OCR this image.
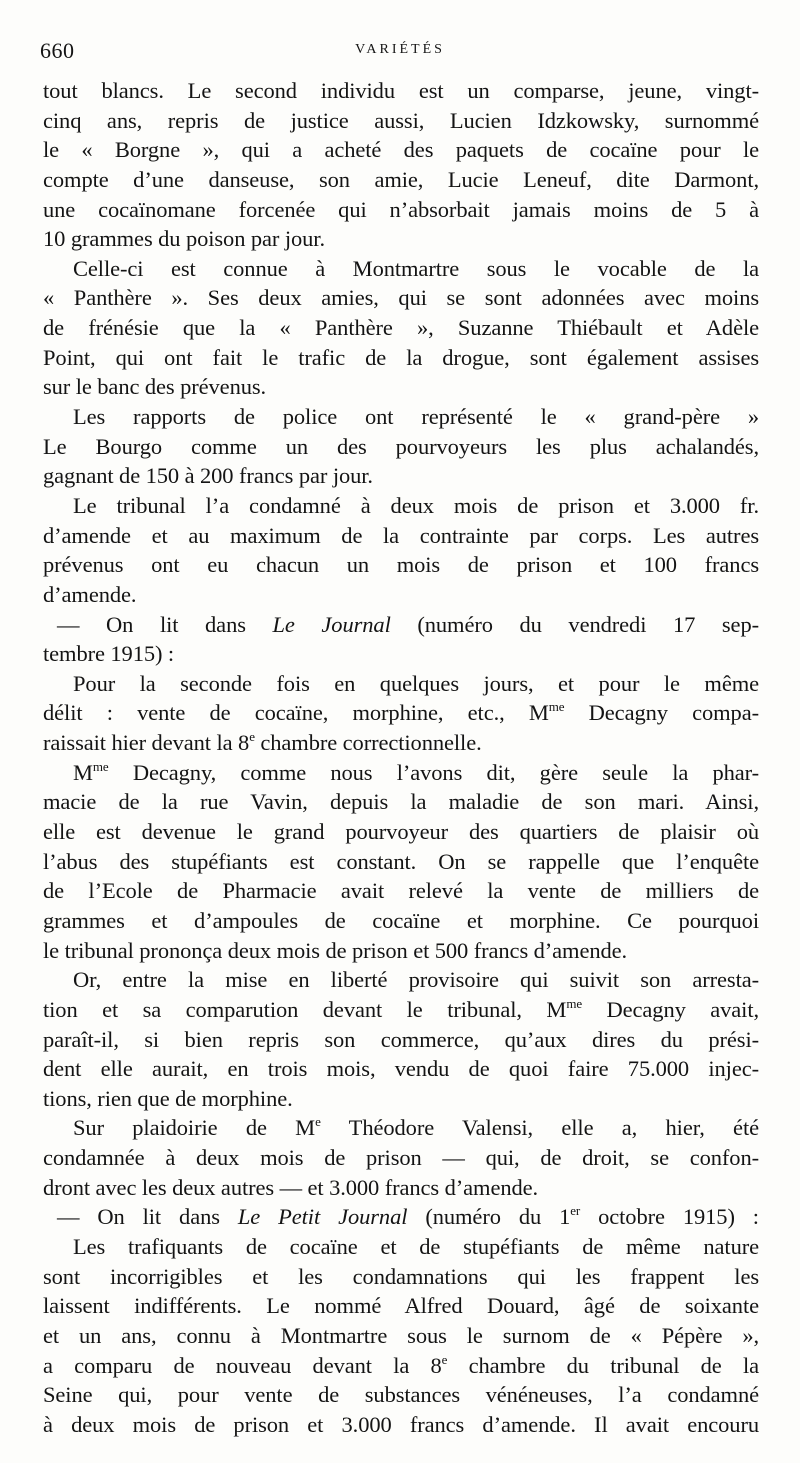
660	VARIÉTÉS
tout blancs. Le second individu est un comparse, jeune, vingt-
cinq ans, repris de justice aussi, Lucien Idzkowsky, surnommé
le « Borgne », qui a acheté des paquets de cocaïne pour le
compte d’une danseuse, son amie, Lucie Leneuf, dite Darmont,
une cocaïnomane forcenée qui n’absorbait jamais moins de 5 à
10 grammes du poison par jour.
Celle-ci est connue à Montmartre sous le vocable de la
« Panthère ». Ses deux amies, qui se sont adonnées avec moins
de frénésie que la « Panthère », Suzanne Thiébault et Adèle
Point, qui ont fait le trafic de la drogue, sont également assises
sur le banc des prévenus.
Les rapports de police ont représenté le « grand-père »
Le Bourgo comme un des pourvoyeurs les plus achalandés,
gagnant de 150 à 200 francs par jour.
Le tribunal l’a condamné à deux mois de prison et 3.000 fr.
d’amende et au maximum de la contrainte par corps. Les autres
prévenus ont eu chacun un mois de prison et 100 francs
d’amende.
— On lit dans Le Journal (numéro du vendredi 17 sep-
tembre 1915) :
Pour la seconde fois en quelques jours, et pour le même
délit : vente de cocaïne, morphine, etc., $M^{me}$ Decagny compa-
raissait hier devant la 8e chambre correctionnelle.
$M^{me}$ Decagny, comme nous l’avons dit, gère seule la phar-
macie de la rue Vavin, depuis la maladie de son mari. Ainsi,
elle est devenue le grand pourvoyeur des quartiers de plaisir où
l’abus des stupéfiants est constant. On se rappelle que l’enquête
de l’Ecole de Pharmacie avait relevé la vente de milliers de
grammes et d’ampoules de cocaïne et morphine. Ce pourquoi
le tribunal prononça deux mois de prison et 500 francs d’amende.
Or, entre la mise en liberté provisoire qui suivit son arresta-
tion et sa comparution devant le tribunal, $M^{me}$ Decagny avait,
paraît-il, si bien repris son commerce, qu’aux dires du prési-
dent elle aurait, en trois mois, vendu de quoi faire 75.000 injec-
tions, rien que de morphine.
Sur plaidoirie de Me Théodore Valensi, elle a, hier, été
condamnée à deux mois de prison — qui, de droit, se confon-
dront avec les deux autres — et 3.000 francs d’amende.
— On lit dans Le Petit Journal (numéro du 1er octobre 1915) :
Les trafiquants de cocaïne et de stupéfiants de même nature
sont incorrigibles et les condamnations qui les frappent les
laissent indifférents. Le nommé Alfred Douard, âgé de soixante
et un ans, connu à Montmartre sous le surnom de « Pépère »,
a comparu de nouveau devant la 8e chambre du tribunal de la
Seine qui, pour vente de substances vénéneuses, l’a condamné
à deux mois de prison et 3.000 francs d’amende. Il avait encouru
